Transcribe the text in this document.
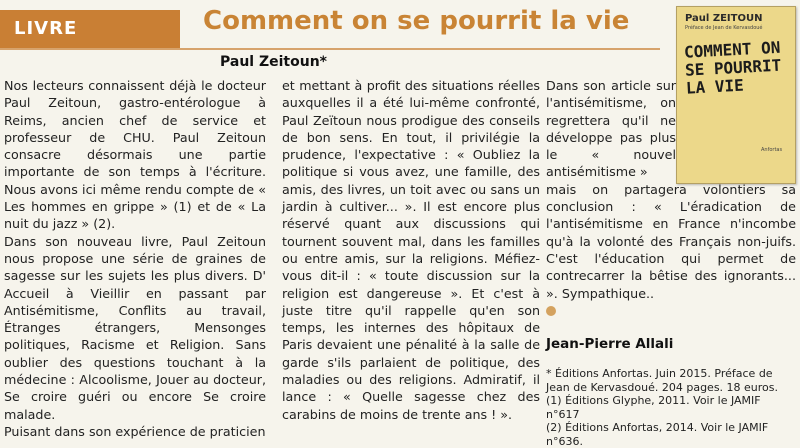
LIVRE	Comment on se pourrit la vie
Paul Zeitoun*
Paul ZEITOUN
Préface de Jean de Kervasdoué
COMMENT ON SE POURRIT LA VIE
Anfortas

Nos lecteurs connaissent déjà le docteur Paul Zeitoun, gastro-entérologue à Reims, ancien chef de service et professeur de CHU. Paul Zeitoun consacre désormais une partie importante de son temps à l'écriture. Nous avons ici même rendu compte de « Les hommes en grippe » (1) et de « La nuit du jazz » (2).

Dans son nouveau livre, Paul Zeitoun nous propose une série de graines de sagesse sur les sujets les plus divers. D' Accueil à Vieillir en passant par Antisémitisme, Conflits au travail, Étranges étrangers, Mensonges politiques, Racisme et Religion. Sans oublier des questions touchant à la médecine : Alcoolisme, Jouer au docteur, Se croire guéri ou encore Se croire malade.

Puisant dans son expérience de praticien

et mettant à profit des situations réelles auxquelles il a été lui-même confronté, Paul Zeïtoun nous prodigue des conseils de bon sens. En tout, il privilégie la prudence, l'expectative : « Oubliez la politique si vous avez, une famille, des amis, des livres, un toit avec ou sans un jardin à cultiver... ». Il est encore plus réservé quant aux discussions qui tournent souvent mal, dans les familles ou entre amis, sur la religions. Méfiez-vous dit-il : « toute discussion sur la religion est dangereuse ». Et c'est à juste titre qu'il rappelle qu'en son temps, les internes des hôpitaux de Paris devaient une pénalité à la salle de garde s'ils parlaient de politique, des maladies ou des religions. Admiratif, il lance : « Quelle sagesse chez des carabins de moins de trente ans ! ».

Dans son article sur l'antisémitisme, on regrettera qu'il ne développe pas plus le « nouvel antisémitisme »

mais on partagera volontiers sa conclusion : « L'éradication de l'antisémitisme en France n'incombe qu'à la volonté des Français non-juifs. C'est l'éducation qui permet de contrecarrer la bêtise des ignorants... ». Sympathique..

Jean-Pierre Allali
* Éditions Anfortas. Juin 2015. Préface de Jean de Kervasdoué. 204 pages. 18 euros.
(1) Éditions Glyphe, 2011. Voir le JAMIF n°617
(2) Éditions Anfortas, 2014. Voir le JAMIF n°636.
